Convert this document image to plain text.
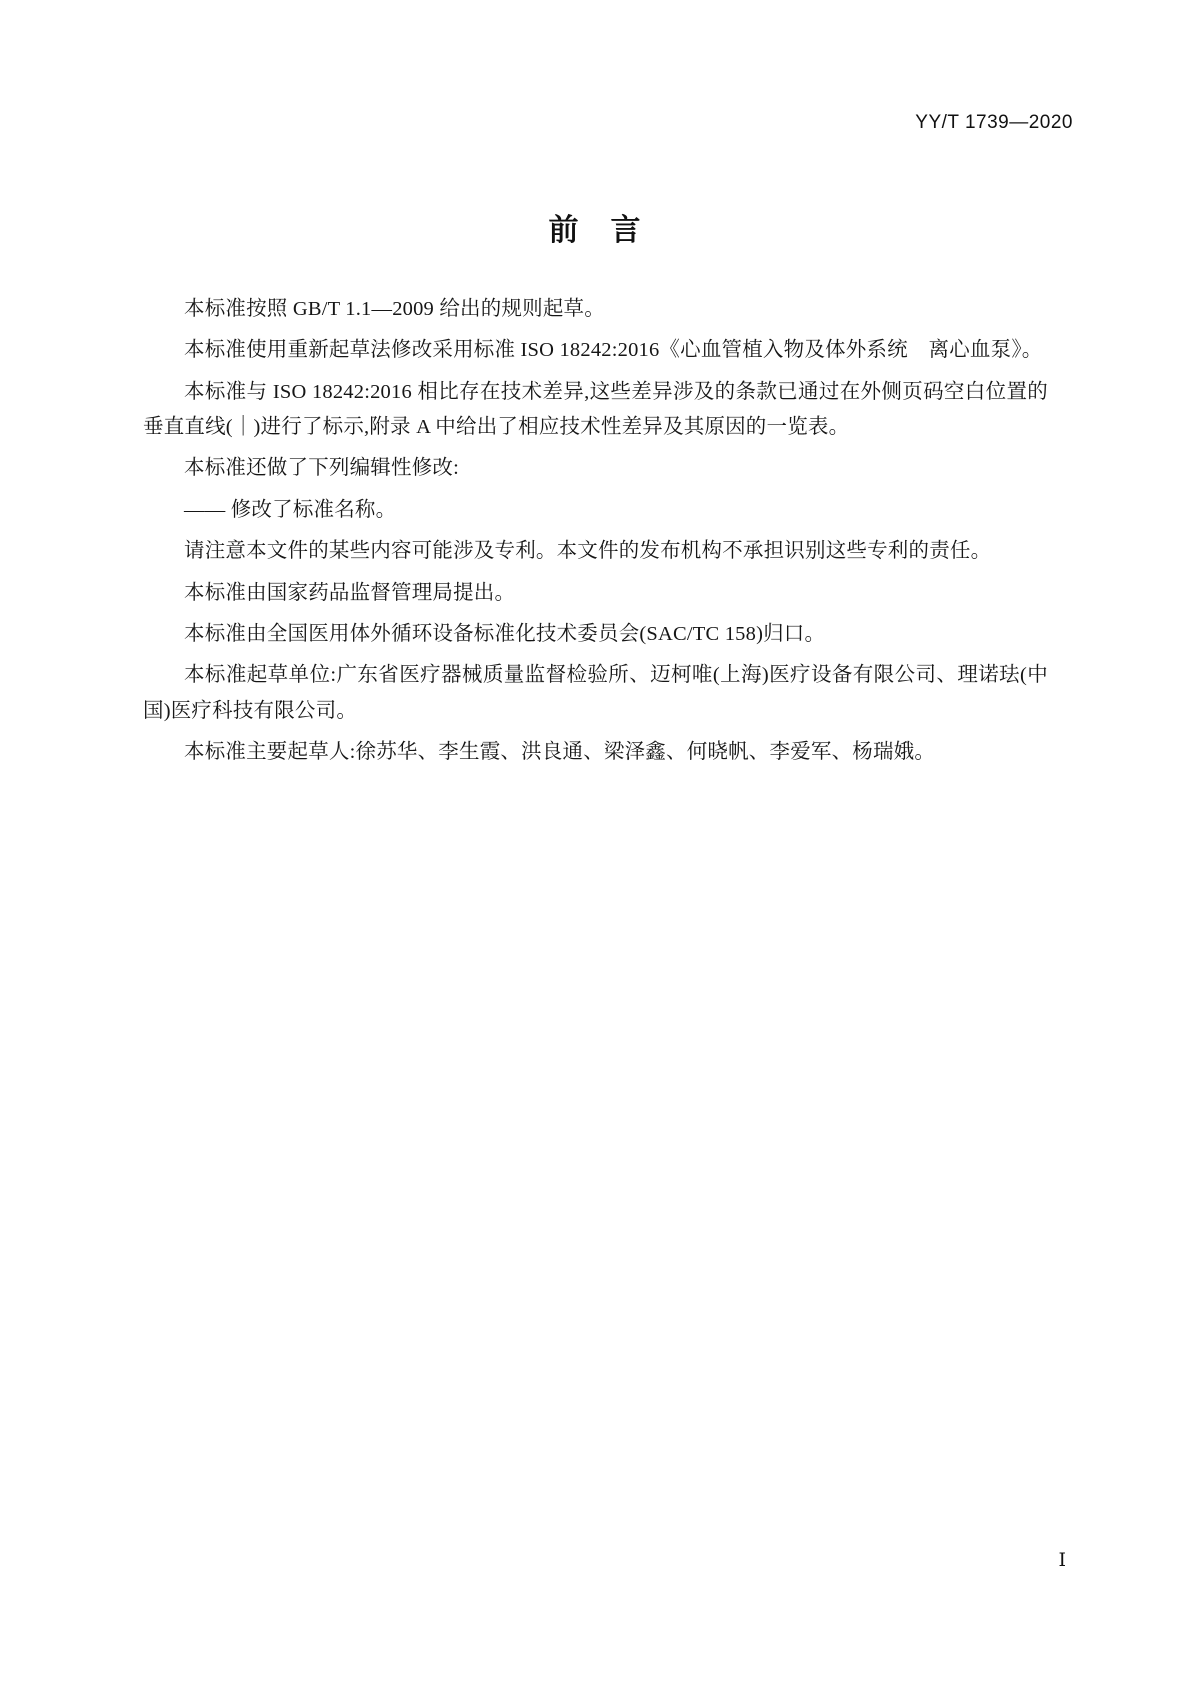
YY/T 1739—2020
前 言

本标准按照 GB/T 1.1—2009 给出的规则起草。

本标准使用重新起草法修改采用标准 ISO 18242:2016《心血管植入物及体外系统　离心血泵》。

本标准与 ISO 18242:2016 相比存在技术差异,这些差异涉及的条款已通过在外侧页码空白位置的垂直直线(｜)进行了标示,附录 A 中给出了相应技术性差异及其原因的一览表。

本标准还做了下列编辑性修改:

—— 修改了标准名称。

请注意本文件的某些内容可能涉及专利。本文件的发布机构不承担识别这些专利的责任。

本标准由国家药品监督管理局提出。

本标准由全国医用体外循环设备标准化技术委员会(SAC/TC 158)归口。

本标准起草单位:广东省医疗器械质量监督检验所、迈柯唯(上海)医疗设备有限公司、理诺珐(中国)医疗科技有限公司。

本标准主要起草人:徐苏华、李生霞、洪良通、梁泽鑫、何晓帆、李爱军、杨瑞娥。

Ⅰ
